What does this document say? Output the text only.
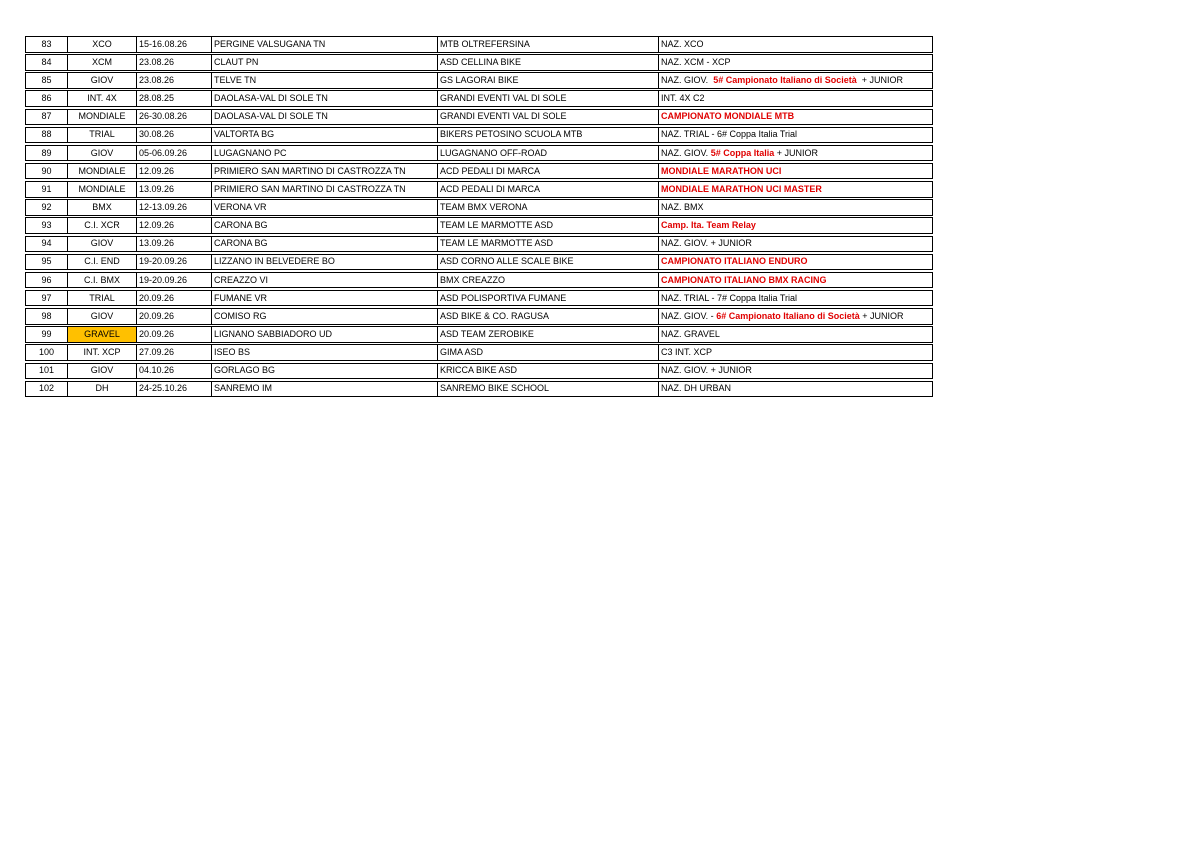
83	XCO	15-16.08.26	PERGINE VALSUGANA TN	MTB OLTREFERSINA	NAZ. XCO
84	XCM	23.08.26	CLAUT PN	ASD CELLINA BIKE	NAZ. XCM - XCP
85	GIOV	23.08.26	TELVE TN	GS LAGORAI BIKE	NAZ. GIOV. 5# Campionato Italiano di Società + JUNIOR
86	INT. 4X	28.08.25	DAOLASA-VAL DI SOLE TN	GRANDI EVENTI VAL DI SOLE	INT. 4X C2
87	MONDIALE	26-30.08.26	DAOLASA-VAL DI SOLE TN	GRANDI EVENTI VAL DI SOLE	CAMPIONATO MONDIALE MTB
88	TRIAL	30.08.26	VALTORTA BG	BIKERS PETOSINO SCUOLA MTB	NAZ. TRIAL - 6# Coppa Italia Trial
89	GIOV	05-06.09.26	LUGAGNANO PC	LUGAGNANO OFF-ROAD	NAZ. GIOV. 5# Coppa Italia + JUNIOR
90	MONDIALE	12.09.26	PRIMIERO SAN MARTINO DI CASTROZZA TN	ACD PEDALI DI MARCA	MONDIALE MARATHON UCI
91	MONDIALE	13.09.26	PRIMIERO SAN MARTINO DI CASTROZZA TN	ACD PEDALI DI MARCA	MONDIALE MARATHON UCI MASTER
92	BMX	12-13.09.26	VERONA VR	TEAM BMX VERONA	NAZ. BMX
93	C.I. XCR	12.09.26	CARONA BG	TEAM LE MARMOTTE ASD	Camp. Ita. Team Relay
94	GIOV	13.09.26	CARONA BG	TEAM LE MARMOTTE ASD	NAZ. GIOV. + JUNIOR
95	C.I. END	19-20.09.26	LIZZANO IN BELVEDERE BO	ASD CORNO ALLE SCALE BIKE	CAMPIONATO ITALIANO ENDURO
96	C.I. BMX	19-20.09.26	CREAZZO VI	BMX CREAZZO	CAMPIONATO ITALIANO BMX RACING
97	TRIAL	20.09.26	FUMANE VR	ASD POLISPORTIVA FUMANE	NAZ. TRIAL - 7# Coppa Italia Trial
98	GIOV	20.09.26	COMISO RG	ASD BIKE & CO. RAGUSA	NAZ. GIOV. - 6# Campionato Italiano di Società + JUNIOR
99	GRAVEL	20.09.26	LIGNANO SABBIADORO UD	ASD TEAM ZEROBIKE	NAZ. GRAVEL
100	INT. XCP	27.09.26	ISEO BS	GIMA ASD	C3 INT. XCP
101	GIOV	04.10.26	GORLAGO BG	KRICCA BIKE ASD	NAZ. GIOV. + JUNIOR
102	DH	24-25.10.26	SANREMO IM	SANREMO BIKE SCHOOL	NAZ. DH URBAN
